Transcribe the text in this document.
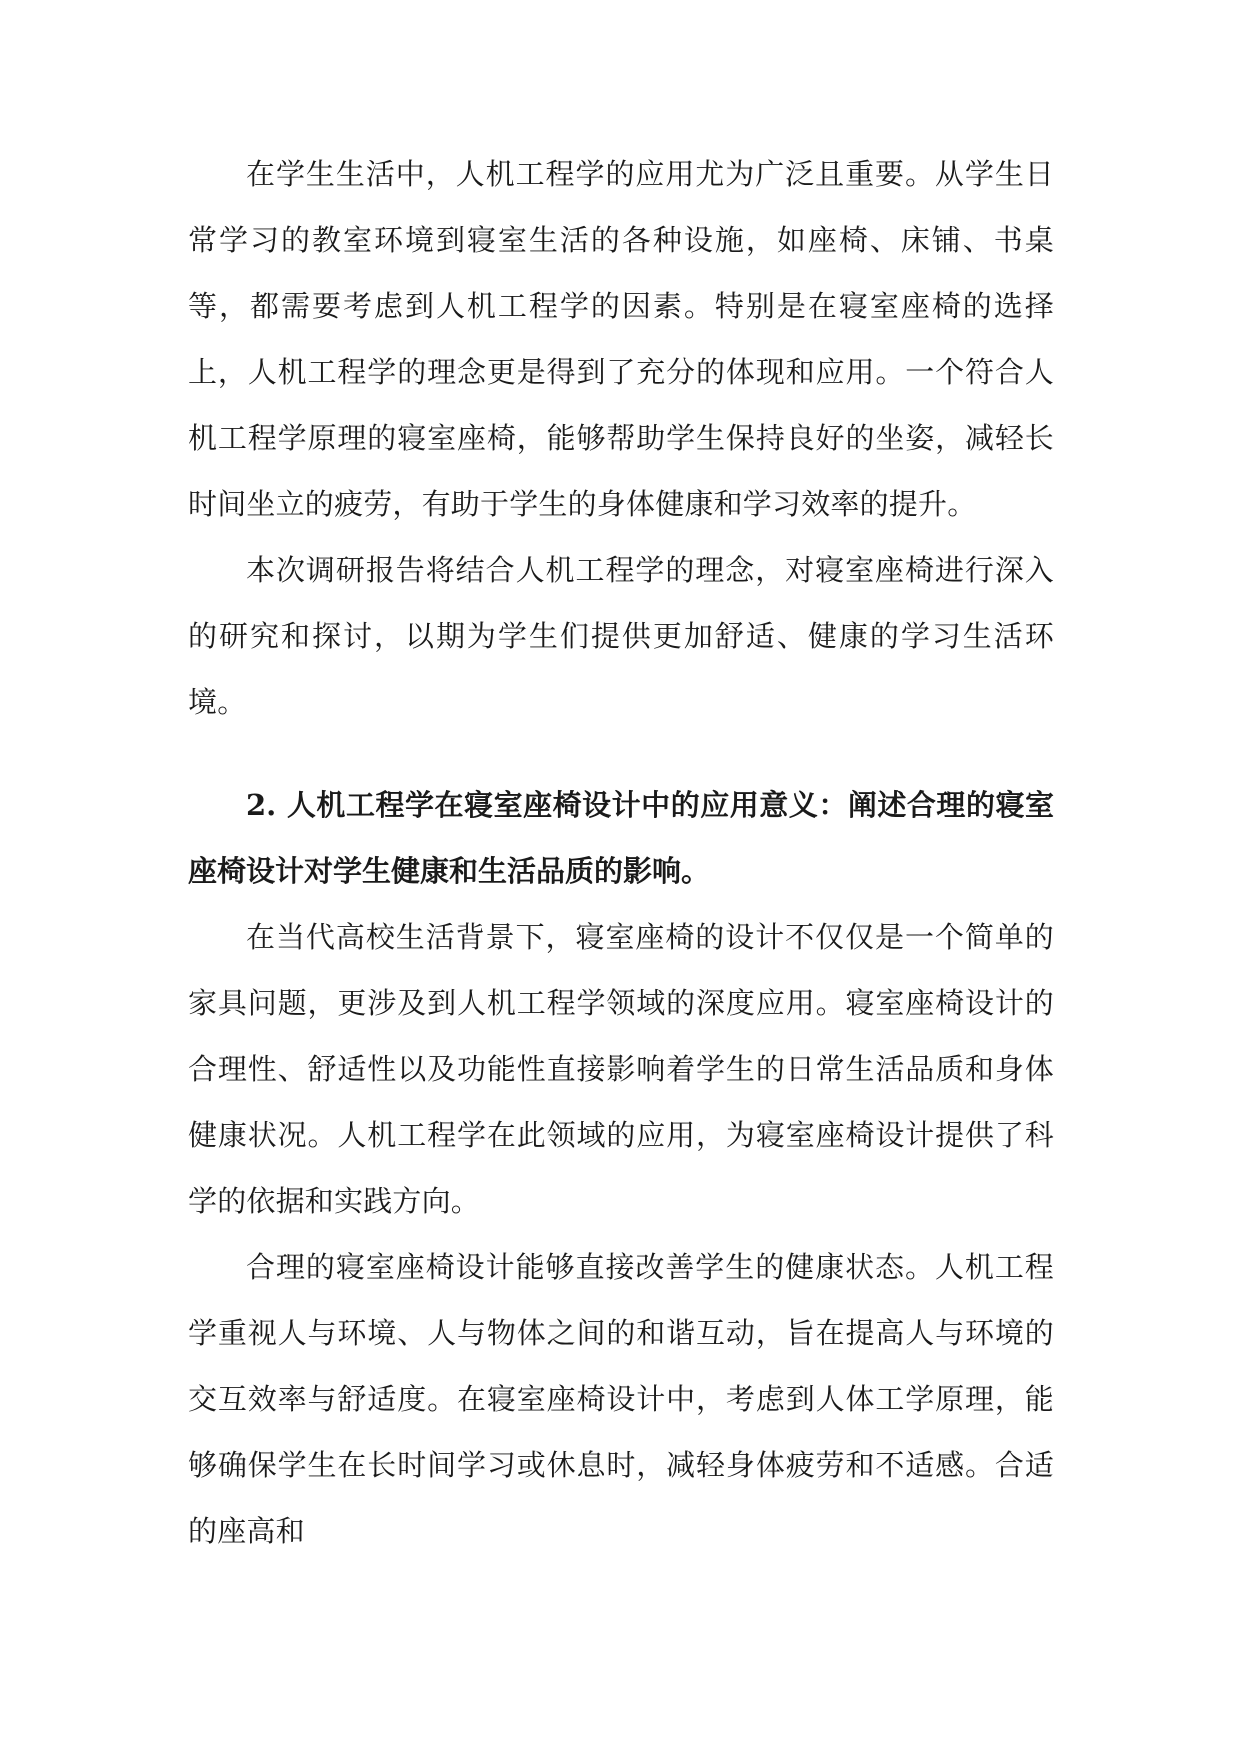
在学生生活中，人机工程学的应用尤为广泛且重要。从学生日常学习的教室环境到寝室生活的各种设施，如座椅、床铺、书桌等，都需要考虑到人机工程学的因素。特别是在寝室座椅的选择上，人机工程学的理念更是得到了充分的体现和应用。一个符合人机工程学原理的寝室座椅，能够帮助学生保持良好的坐姿，减轻长时间坐立的疲劳，有助于学生的身体健康和学习效率的提升。

本次调研报告将结合人机工程学的理念，对寝室座椅进行深入的研究和探讨，以期为学生们提供更加舒适、健康的学习生活环境。

2. 人机工程学在寝室座椅设计中的应用意义：阐述合理的寝室座椅设计对学生健康和生活品质的影响。

在当代高校生活背景下，寝室座椅的设计不仅仅是一个简单的家具问题，更涉及到人机工程学领域的深度应用。寝室座椅设计的合理性、舒适性以及功能性直接影响着学生的日常生活品质和身体健康状况。人机工程学在此领域的应用，为寝室座椅设计提供了科学的依据和实践方向。

合理的寝室座椅设计能够直接改善学生的健康状态。人机工程学重视人与环境、人与物体之间的和谐互动，旨在提高人与环境的交互效率与舒适度。在寝室座椅设计中，考虑到人体工学原理，能够确保学生在长时间学习或休息时，减轻身体疲劳和不适感。合适的座高和
